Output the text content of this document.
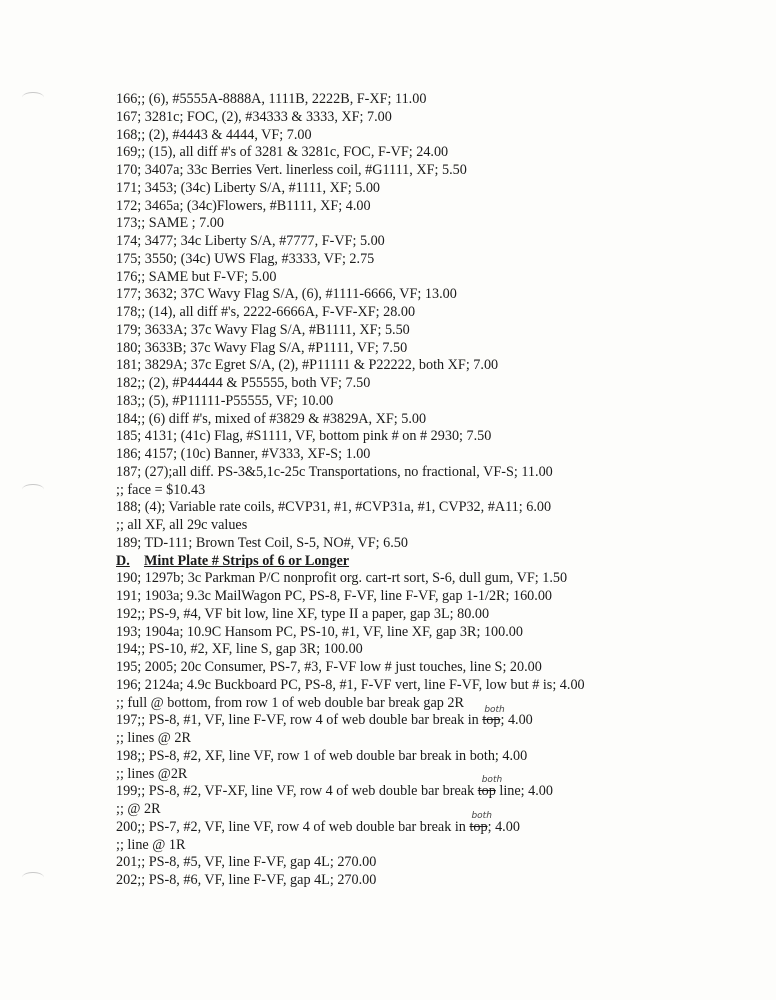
166;; (6), #5555A-8888A, 1111B, 2222B, F-XF; 11.00
167; 3281c; FOC, (2), #34333 & 3333, XF; 7.00
168;; (2), #4443 & 4444, VF; 7.00
169;; (15), all diff #'s of 3281 & 3281c, FOC, F-VF; 24.00
170; 3407a; 33c Berries Vert. linerless coil, #G1111, XF; 5.50
171; 3453; (34c) Liberty S/A, #1111, XF; 5.00
172; 3465a; (34c)Flowers, #B1111, XF; 4.00
173;; SAME ; 7.00
174; 3477; 34c Liberty S/A, #7777, F-VF; 5.00
175; 3550; (34c) UWS Flag, #3333, VF; 2.75
176;; SAME but F-VF; 5.00
177; 3632; 37C Wavy Flag S/A, (6), #1111-6666, VF; 13.00
178;; (14), all diff #'s, 2222-6666A, F-VF-XF; 28.00
179; 3633A; 37c Wavy Flag S/A, #B1111, XF; 5.50
180; 3633B; 37c Wavy Flag S/A, #P1111, VF; 7.50
181; 3829A; 37c Egret S/A, (2), #P11111 & P22222, both XF; 7.00
182;; (2), #P44444 & P55555, both VF; 7.50
183;; (5), #P11111-P55555, VF; 10.00
184;; (6) diff #'s, mixed of #3829 & #3829A, XF; 5.00
185; 4131; (41c) Flag, #S1111, VF, bottom pink # on # 2930; 7.50
186; 4157; (10c) Banner, #V333, XF-S; 1.00
187; (27);all diff. PS-3&5,1c-25c Transportations, no fractional, VF-S; 11.00
;; face = $10.43
188; (4); Variable rate coils, #CVP31, #1, #CVP31a, #1, CVP32, #A11; 6.00
;; all XF, all 29c values
189; TD-111; Brown Test Coil, S-5, NO#, VF; 6.50
D. Mint Plate # Strips of 6 or Longer
190; 1297b; 3c Parkman P/C nonprofit org. cart-rt sort, S-6, dull gum, VF; 1.50
191; 1903a; 9.3c MailWagon PC, PS-8, F-VF, line F-VF, gap 1-1/2R; 160.00
192;; PS-9, #4, VF bit low, line XF, type II a paper, gap 3L; 80.00
193; 1904a; 10.9C Hansom PC, PS-10, #1, VF, line XF, gap 3R; 100.00
194;; PS-10, #2, XF, line S, gap 3R; 100.00
195; 2005; 20c Consumer, PS-7, #3, F-VF low # just touches, line S; 20.00
196; 2124a; 4.9c Buckboard PC, PS-8, #1, F-VF vert, line F-VF, low but # is; 4.00
;; full @ bottom, from row 1 of web double bar break gap 2R
197;; PS-8, #1, VF, line F-VF, row 4 of web double bar break in
both
top; 4.00
;; lines @ 2R
198;; PS-8, #2, XF, line VF, row 1 of web double bar break in both; 4.00
;; lines @2R
199;; PS-8, #2, VF-XF, line VF, row 4 of web double bar break
both
top line; 4.00
;; @ 2R
200;; PS-7, #2, VF, line VF, row 4 of web double bar break in
both
top; 4.00
;; line @ 1R
201;; PS-8, #5, VF, line F-VF, gap 4L; 270.00
202;; PS-8, #6, VF, line F-VF, gap 4L; 270.00
